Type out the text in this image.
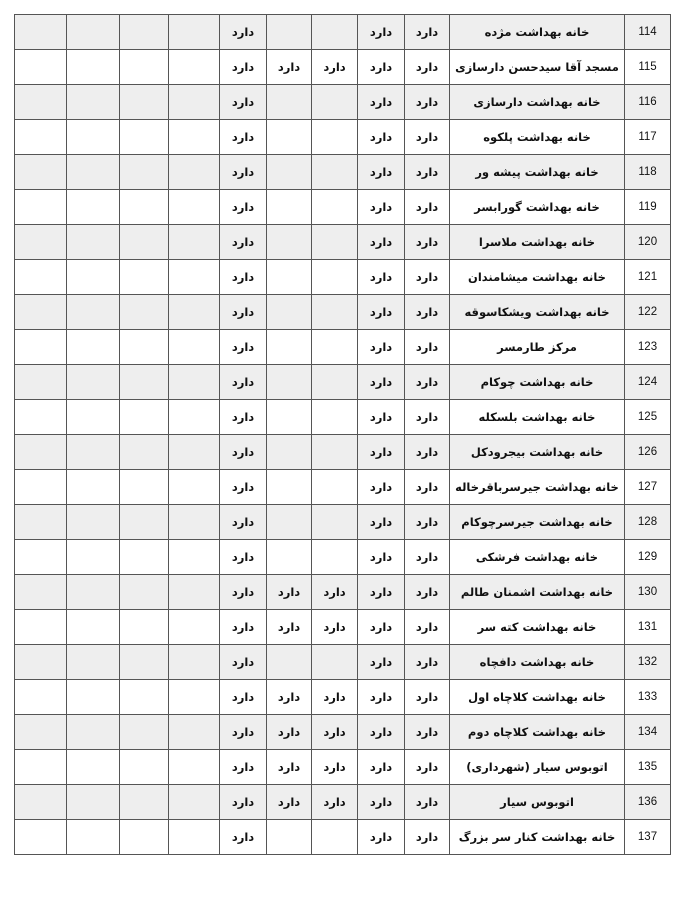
				دارد			دارد	دارد	خانه بهداشت مژده	114
				دارد	دارد	دارد	دارد	دارد	مسجد آقا سیدحسن دارسازی	115
				دارد			دارد	دارد	خانه بهداشت دارسازی	116
				دارد			دارد	دارد	خانه بهداشت پلکوه	117
				دارد			دارد	دارد	خانه بهداشت پیشه ور	118
				دارد			دارد	دارد	خانه بهداشت گورابسر	119
				دارد			دارد	دارد	خانه بهداشت ملاسرا	120
				دارد			دارد	دارد	خانه بهداشت میشامندان	121
				دارد			دارد	دارد	خانه بهداشت ویشکاسوقه	122
				دارد			دارد	دارد	مرکز طارمسر	123
				دارد			دارد	دارد	خانه بهداشت چوکام	124
				دارد			دارد	دارد	خانه بهداشت بلسکله	125
				دارد			دارد	دارد	خانه بهداشت بیجرودکل	126
				دارد			دارد	دارد	خانه بهداشت جیرسرباقرخاله	127
				دارد			دارد	دارد	خانه بهداشت جیرسرچوکام	128
				دارد			دارد	دارد	خانه بهداشت فرشکی	129
				دارد	دارد	دارد	دارد	دارد	خانه بهداشت اشمنان طالم	130
				دارد	دارد	دارد	دارد	دارد	خانه بهداشت کته سر	131
				دارد			دارد	دارد	خانه بهداشت دافچاه	132
				دارد	دارد	دارد	دارد	دارد	خانه بهداشت کلاچاه اول	133
				دارد	دارد	دارد	دارد	دارد	خانه بهداشت کلاچاه دوم	134
				دارد	دارد	دارد	دارد	دارد	اتوبوس سیار (شهرداری)	135
				دارد	دارد	دارد	دارد	دارد	اتوبوس سیار	136
				دارد			دارد	دارد	خانه بهداشت کنار سر بزرگ	137
